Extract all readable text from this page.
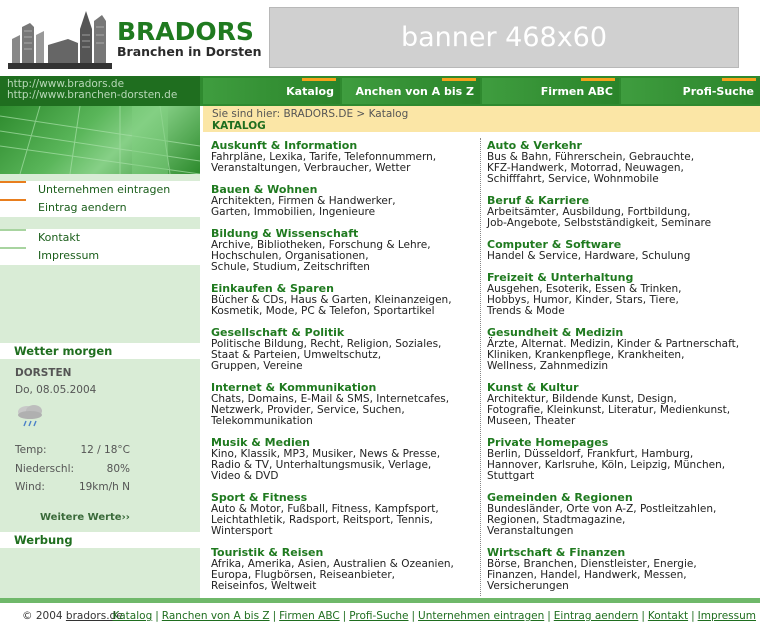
BRADORS
Branchen in Dorsten	banner 468x60
http://www.bradors.de
http://www.branchen-dorsten.de	Katalog Anchen von A bis Z	Firmen ABC	Profi-Suche
Unternehmen eintragen
Eintrag aendern
Kontakt
Impressum
Wetter morgen
DORSTEN
Do, 08.05.2004
Temp:	12 / 18°C
Niederschl:	80%
Wind:	19km/h N
Weitere Werte››
Werbung
Sie sind hier: BRADORS.DE > Katalog
KATALOG
Auskunft & Information
Fahrpläne, Lexika, Tarife, Telefonnummern,
Veranstaltungen, Verbraucher, Wetter
Bauen & Wohnen
Architekten, Firmen & Handwerker,
Garten, Immobilien, Ingenieure
Bildung & Wissenschaft
Archive, Bibliotheken, Forschung & Lehre,
Hochschulen, Organisationen,
Schule, Studium, Zeitschriften
Einkaufen & Sparen
Bücher & CDs, Haus & Garten, Kleinanzeigen,
Kosmetik, Mode, PC & Telefon, Sportartikel
Gesellschaft & Politik
Politische Bildung, Recht, Religion, Soziales,
Staat & Parteien, Umweltschutz,
Gruppen, Vereine
Internet & Kommunikation
Chats, Domains, E-Mail & SMS, Internetcafes,
Netzwerk, Provider, Service, Suchen,
Telekommunikation
Musik & Medien
Kino, Klassik, MP3, Musiker, News & Presse,
Radio & TV, Unterhaltungsmusik, Verlage,
Video & DVD
Sport & Fitness
Auto & Motor, Fußball, Fitness, Kampfsport,
Leichtathletik, Radsport, Reitsport, Tennis,
Wintersport
Touristik & Reisen
Afrika, Amerika, Asien, Australien & Ozeanien,
Europa, Flugbörsen, Reiseanbieter,
Reiseinfos, Weltweit
Auto & Verkehr
Bus & Bahn, Führerschein, Gebrauchte,
KFZ-Handwerk, Motorrad, Neuwagen,
Schifffahrt, Service, Wohnmobile
Beruf & Karriere
Arbeitsämter, Ausbildung, Fortbildung,
Job-Angebote, Selbstständigkeit, Seminare
Computer & Software
Handel & Service, Hardware, Schulung
Freizeit & Unterhaltung
Ausgehen, Esoterik, Essen & Trinken,
Hobbys, Humor, Kinder, Stars, Tiere,
Trends & Mode
Gesundheit & Medizin
Ärzte, Alternat. Medizin, Kinder & Partnerschaft,
Kliniken, Krankenpflege, Krankheiten,
Wellness, Zahnmedizin
Kunst & Kultur
Architektur, Bildende Kunst, Design,
Fotografie, Kleinkunst, Literatur, Medienkunst,
Museen, Theater
Private Homepages
Berlin, Düsseldorf, Frankfurt, Hamburg,
Hannover, Karlsruhe, Köln, Leipzig, München,
Stuttgart
Gemeinden & Regionen
Bundesländer, Orte von A-Z, Postleitzahlen,
Regionen, Stadtmagazine,
Veranstaltungen
Wirtschaft & Finanzen
Börse, Branchen, Dienstleister, Energie,
Finanzen, Handel, Handwerk, Messen,
Versicherungen
© 2004 bradors.de
Katalog | Ranchen von A bis Z | Firmen ABC | Profi-Suche | Unternehmen eintragen | Eintrag aendern | Kontakt | Impressum
